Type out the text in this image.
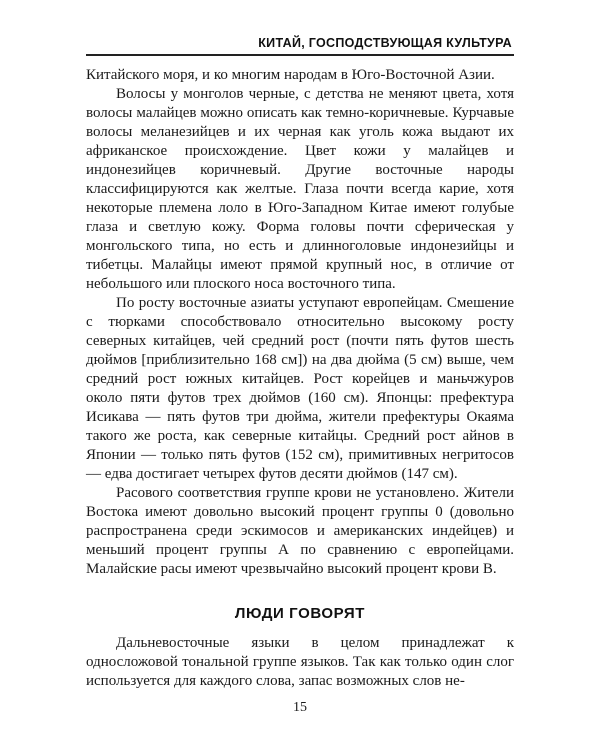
КИТАЙ, ГОСПОДСТВУЮЩАЯ КУЛЬТУРА

Китайского моря, и ко многим народам в Юго-Восточной Азии.

Волосы у монголов черные, с детства не меняют цвета, хотя волосы малайцев можно описать как темно-коричневые. Курчавые волосы меланезийцев и их черная как уголь кожа выдают их африканское происхождение. Цвет кожи у малайцев и индонезийцев коричневый. Другие восточные народы классифицируются как желтые. Глаза почти всегда карие, хотя некоторые племена лоло в Юго-Западном Китае имеют голубые глаза и светлую кожу. Форма головы почти сферическая у монгольского типа, но есть и длинноголовые индонезийцы и тибетцы. Малайцы имеют прямой крупный нос, в отличие от небольшого или плоского носа восточного типа.

По росту восточные азиаты уступают европейцам. Смешение с тюрками способствовало относительно высокому росту северных китайцев, чей средний рост (почти пять футов шесть дюймов [приблизительно 168 см]) на два дюйма (5 см) выше, чем средний рост южных китайцев. Рост корейцев и маньчжуров около пяти футов трех дюймов (160 см). Японцы: префектура Исикава — пять футов три дюйма, жители префектуры Окаяма такого же роста, как северные китайцы. Средний рост айнов в Японии — только пять футов (152 см), примитивных негритосов — едва достигает четырех футов десяти дюймов (147 см).

Расового соответствия группе крови не установлено. Жители Востока имеют довольно высокий процент группы 0 (довольно распространена среди эскимосов и американских индейцев) и меньший процент группы А по сравнению с европейцами. Малайские расы имеют чрезвычайно высокий процент крови В.

ЛЮДИ ГОВОРЯТ

Дальневосточные языки в целом принадлежат к односложовой тональной группе языков. Так как только один слог используется для каждого слова, запас возможных слов не-

15
